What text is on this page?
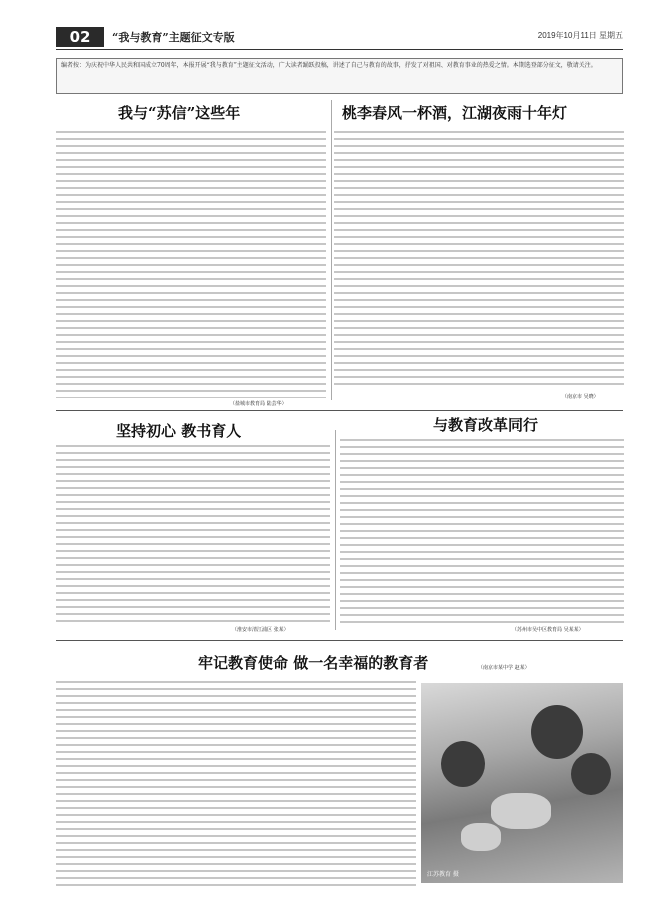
02	“我与教育”主题征文专版	2019年10月11日 星期五
编者按：为庆祝中华人民共和国成立70周年，本报开展“我与教育”主题征文活动，广大读者踊跃投稿，讲述了自己与教育的故事，抒发了对祖国、对教育事业的热爱之情。本期选登部分征文，敬请关注。
我与“苏信”这些年	桃李春风一杯酒，江湖夜雨十年灯
坚持初心 教书育人	与教育改革同行
牢记教育使命 做一名幸福的教育者
（盐城市教育局 陆芸华）
（南京市 吴晓）
（淮安市清江浦区 张某）	（苏州市吴中区教育局 吴某某）
（南京市某中学 赵某）
江苏教育 摄
